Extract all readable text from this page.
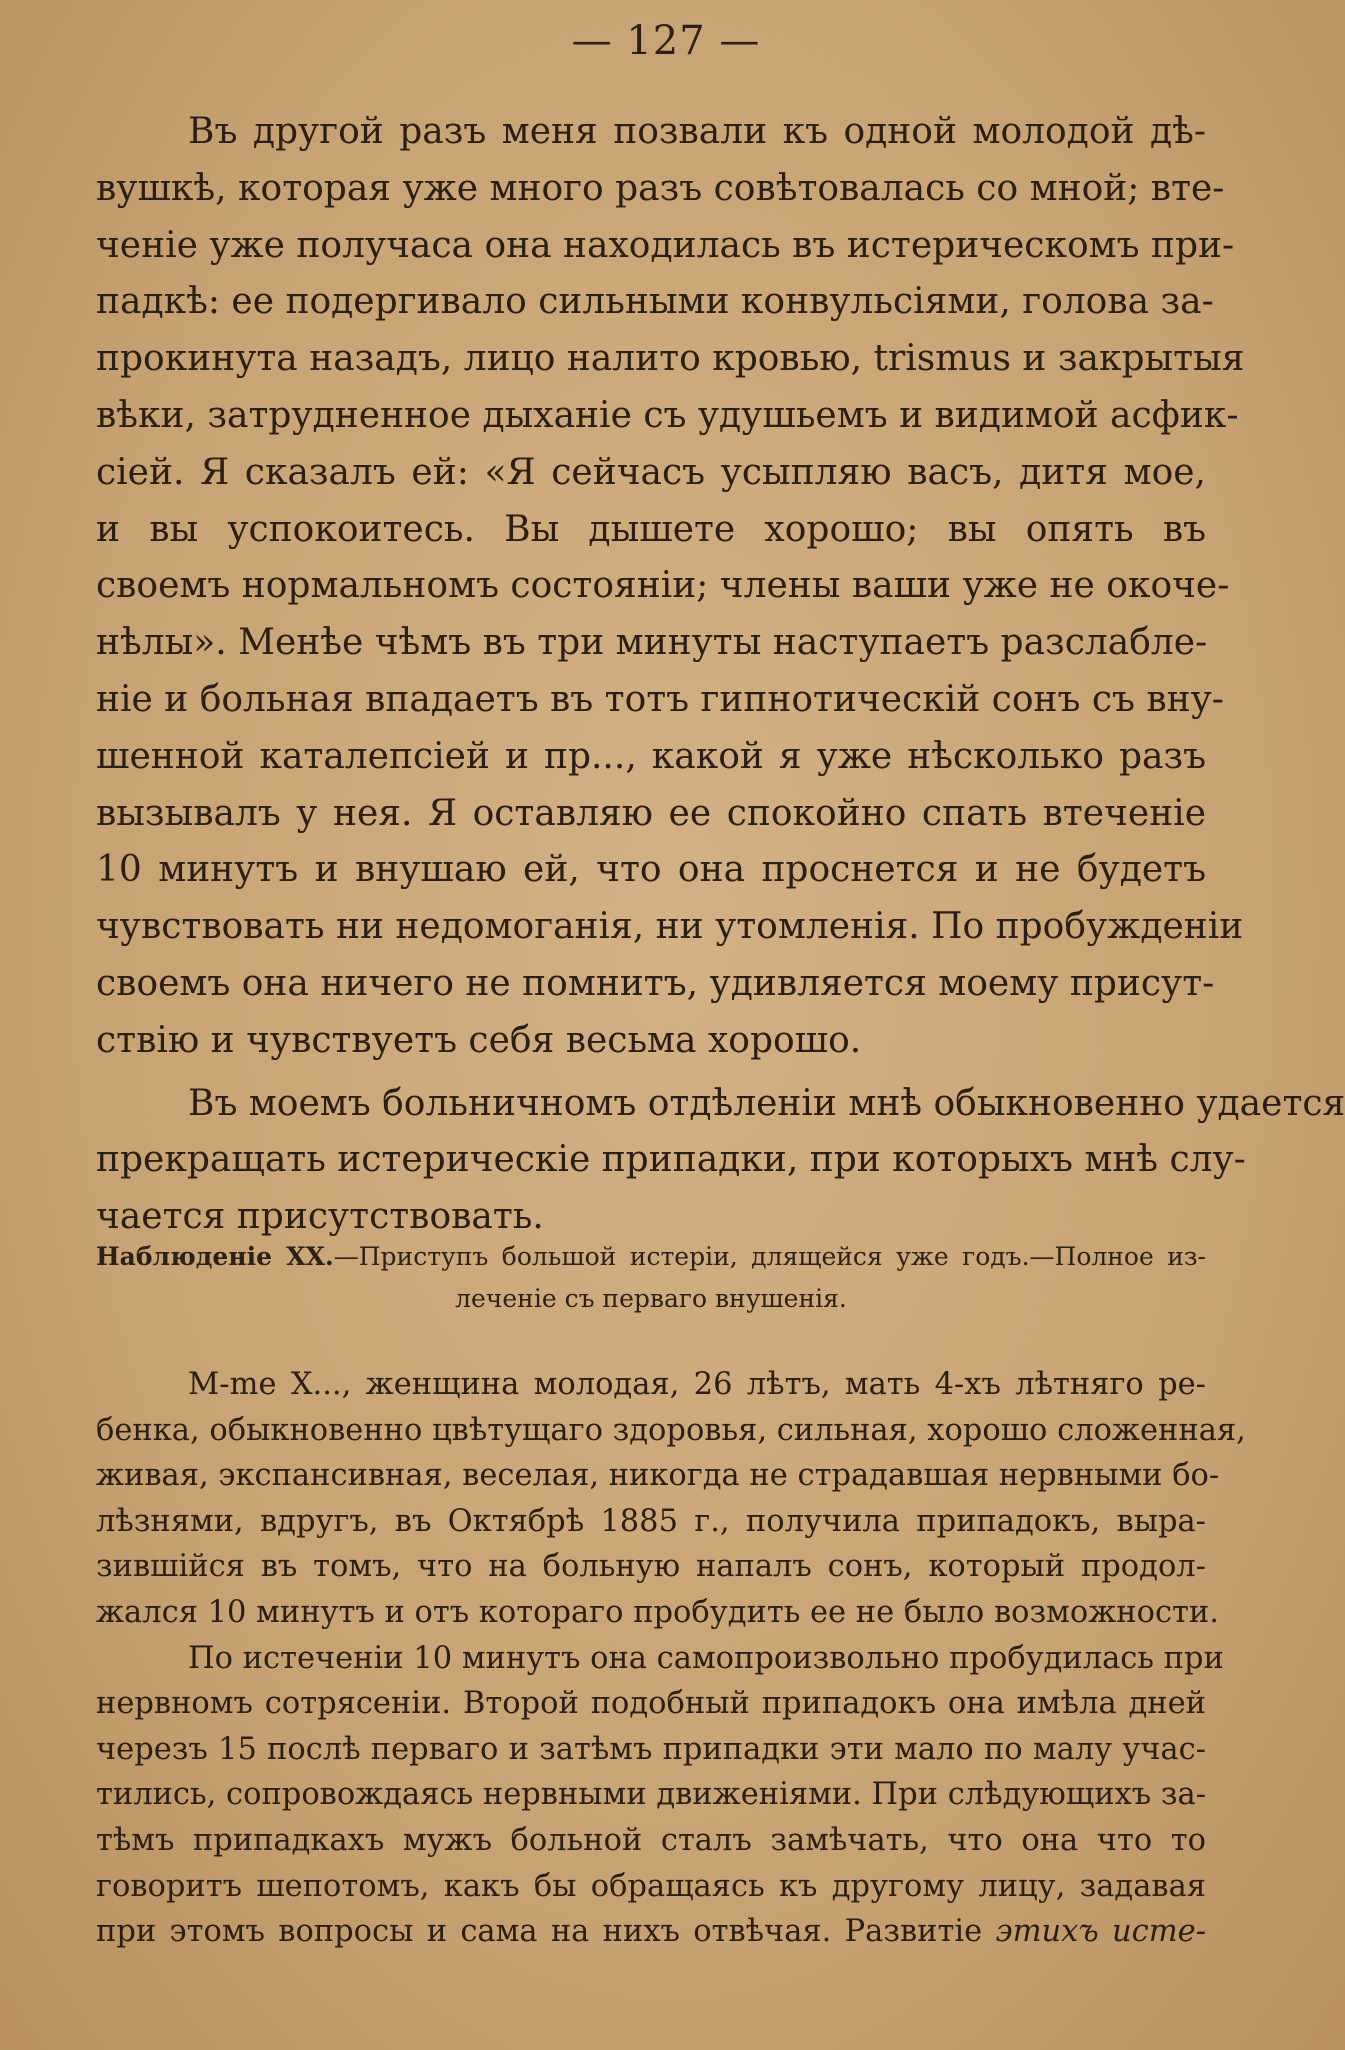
— 127 —
Въ другой разъ меня позвали къ одной молодой дѣ-
вушкѣ, которая уже много разъ совѣтовалась со мной; вте-
ченіе уже получаса она находилась въ истерическомъ при-
падкѣ: ее подергивало сильными конвульсіями, голова за-
прокинута назадъ, лицо налито кровью, trismus и закрытыя
вѣки, затрудненное дыханіе съ удушьемъ и видимой асфик-
сіей. Я сказалъ ей: «Я сейчасъ усыпляю васъ, дитя мое,
и вы успокоитесь. Вы дышете хорошо; вы опять въ
своемъ нормальномъ состояніи; члены ваши уже не окоче-
нѣлы». Менѣе чѣмъ въ три минуты наступаетъ разслабле-
ніе и больная впадаетъ въ тотъ гипнотическій сонъ съ вну-
шенной каталепсіей и пр..., какой я уже нѣсколько разъ
вызывалъ у нея. Я оставляю ее спокойно спать втеченіе
10 минутъ и внушаю ей, что она проснется и не будетъ
чувствовать ни недомоганія, ни утомленія. По пробужденіи
своемъ она ничего не помнитъ, удивляется моему присут-
ствію и чувствуетъ себя весьма хорошо.
Въ моемъ больничномъ отдѣленіи мнѣ обыкновенно удается
прекращать истерическіе припадки, при которыхъ мнѣ слу-
чается присутствовать.
Наблюденіе XX.—Приступъ большой истеріи, длящейся уже годъ.—Полное из-
леченіе съ перваго внушенія.
M-me X..., женщина молодая, 26 лѣтъ, мать 4-хъ лѣтняго ре-
бенка, обыкновенно цвѣтущаго здоровья, сильная, хорошо сложенная,
живая, экспансивная, веселая, никогда не страдавшая нервными бо-
лѣзнями, вдругъ, въ Октябрѣ 1885 г., получила припадокъ, выра-
зившійся въ томъ, что на больную напалъ сонъ, который продол-
жался 10 минутъ и отъ котораго пробудить ее не было возможности.
По истеченіи 10 минутъ она самопроизвольно пробудилась при
нервномъ сотрясеніи. Второй подобный припадокъ она имѣла дней
черезъ 15 послѣ перваго и затѣмъ припадки эти мало по малу учас-
тились, сопровождаясь нервными движеніями. При слѣдующихъ за-
тѣмъ припадкахъ мужъ больной сталъ замѣчать, что она что то
говоритъ шепотомъ, какъ бы обращаясь къ другому лицу, задавая
при этомъ вопросы и сама на нихъ отвѣчая. Развитіе этихъ исте-
